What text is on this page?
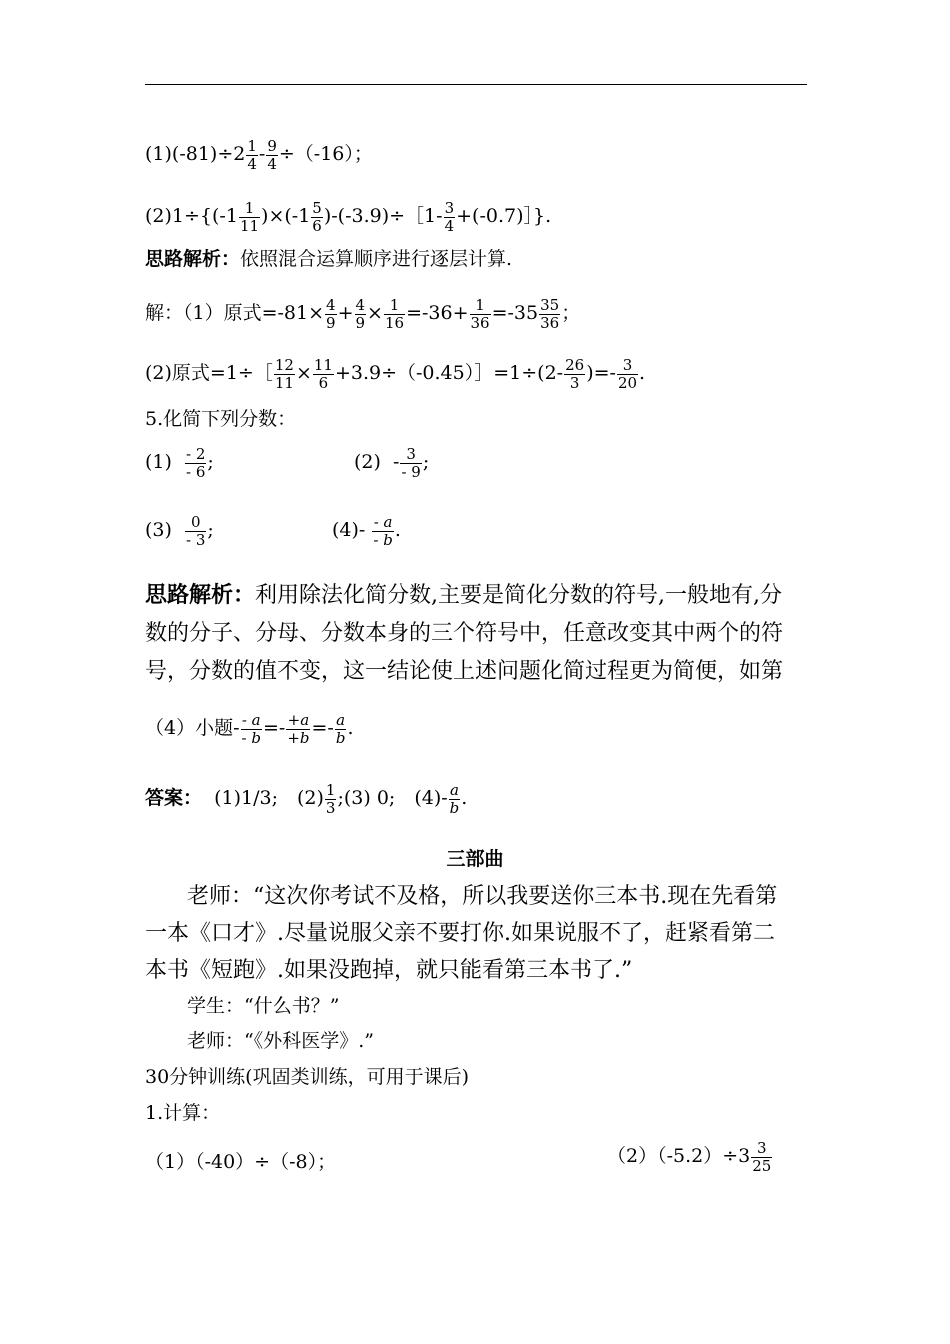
$(1)(-81)\div 2 \frac{1}{4} - \frac{9}{4} \div(-16)$；
$(2)1\div\{(-1 \frac{1}{11} )\times(-1 \frac{5}{6}$ )-(-3.9)÷［1- $\frac{3}{4}$ +(-0.7)］}.
思路解析：依照混合运算顺序进行逐层计算.
解：（1）原式$=-81\times \frac{4}{9} + \frac{4}{9} \times \frac{1}{16} =-36+ \frac{1}{36} =-35 \frac{35}{36}$ ；
(2)原式=1÷［ $\frac{12}{11} \times \frac{11}{6}$ +3.9÷（-0.45）］=1÷(2- $\frac{26}{3}$ )=- $\frac{3}{20}$ .
5.化简下列分数：
$(1) \frac{- 2}{- 6}$ ;	$(2) - \frac{3}{- 9}$ ;
$(3) \frac{0}{- 3}$ ;	$(4)- \frac{- a}{- b}$ .
思路解析：利用除法化简分数,主要是简化分数的符号,一般地有,分
数的分子、分母、分数本身的三个符号中，任意改变其中两个的符
号，分数的值不变，这一结论使上述问题化简过程更为简便，如第
（4）小题- $\frac{- a}{- b} =- \frac{+a}{+b} =- \frac{a}{b}$ .
答案： (1)1/3;　$(2) \frac{1}{3}$ ;(3) 0;　$(4)- \frac{a}{b}$ .
三部曲
老师：“这次你考试不及格，所以我要送你三本书.现在先看第
一本《口才》.尽量说服父亲不要打你.如果说服不了，赶紧看第二
本书《短跑》.如果没跑掉，就只能看第三本书了.”
学生：“什么书？”
老师：“《外科医学》.”
30分钟训练(巩固类训练，可用于课后)
1.计算：
（1）（-40）÷（-8）；	$(2)(-5.2)\div 3 \frac{3}{25}$
